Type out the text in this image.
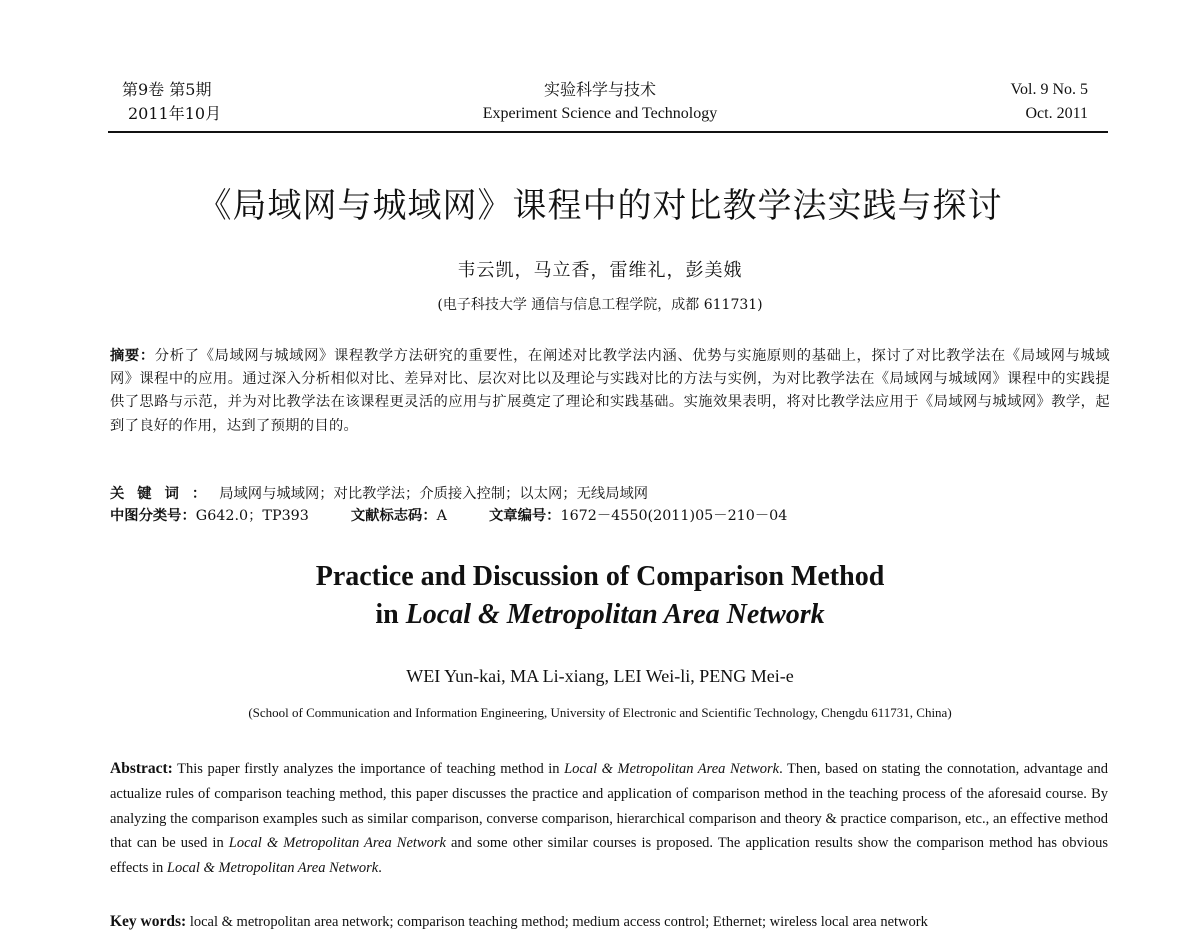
第9卷 第5期
2011年10月
实验科学与技术
Experiment Science and Technology
Vol. 9 No. 5
Oct. 2011
《局域网与城域网》课程中的对比教学法实践与探讨
韦云凯，马立香，雷维礼，彭美娥
(电子科技大学 通信与信息工程学院，成都 611731)
摘要：分析了《局域网与城域网》课程教学方法研究的重要性，在阐述对比教学法内涵、优势与实施原则的基础上，探讨了对比教学法在《局域网与城域网》课程中的应用。通过深入分析相似对比、差异对比、层次对比以及理论与实践对比的方法与实例，为对比教学法在《局域网与城域网》课程中的实践提供了思路与示范，并为对比教学法在该课程更灵活的应用与扩展奠定了理论和实践基础。实施效果表明，将对比教学法应用于《局域网与城域网》教学，起到了良好的作用，达到了预期的目的。
关键词：局域网与城域网；对比教学法；介质接入控制；以太网；无线局域网
中图分类号：G642.0；TP393	文献标志码：A	文章编号：1672－4550(2011)05－210－04
Practice and Discussion of Comparison Method
in Local & Metropolitan Area Network
WEI Yun-kai, MA Li-xiang, LEI Wei-li, PENG Mei-e
(School of Communication and Information Engineering, University of Electronic and Scientific Technology, Chengdu 611731, China)
Abstract: This paper firstly analyzes the importance of teaching method in Local & Metropolitan Area Network. Then, based on stating the connotation, advantage and actualize rules of comparison teaching method, this paper discusses the practice and application of comparison method in the teaching process of the aforesaid course. By analyzing the comparison examples such as similar comparison, converse comparison, hierarchical comparison and theory & practice comparison, etc., an effective method that can be used in Local & Metropolitan Area Network and some other similar courses is proposed. The application results show the comparison method has obvious effects in Local & Metropolitan Area Network.
Key words: local & metropolitan area network; comparison teaching method; medium access control; Ethernet; wireless local area network
